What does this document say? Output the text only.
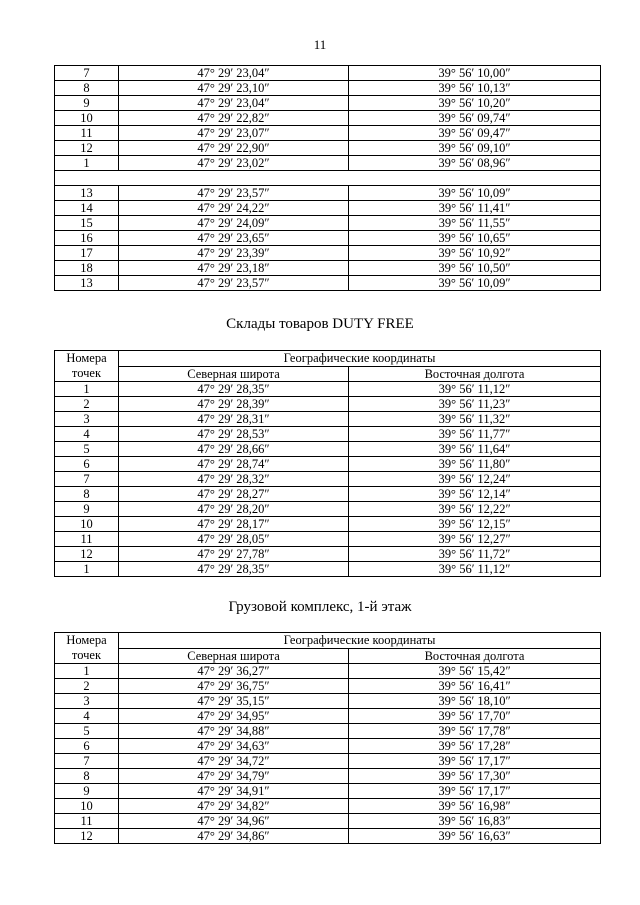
11
7	47° 29′ 23,04″	39° 56′ 10,00″
8	47° 29′ 23,10″	39° 56′ 10,13″
9	47° 29′ 23,04″	39° 56′ 10,20″
10	47° 29′ 22,82″	39° 56′ 09,74″
11	47° 29′ 23,07″	39° 56′ 09,47″
12	47° 29′ 22,90″	39° 56′ 09,10″
1	47° 29′ 23,02″	39° 56′ 08,96″

13	47° 29′ 23,57″	39° 56′ 10,09″
14	47° 29′ 24,22″	39° 56′ 11,41″
15	47° 29′ 24,09″	39° 56′ 11,55″
16	47° 29′ 23,65″	39° 56′ 10,65″
17	47° 29′ 23,39″	39° 56′ 10,92″
18	47° 29′ 23,18″	39° 56′ 10,50″
13	47° 29′ 23,57″	39° 56′ 10,09″
Склады товаров DUTY FREE
Номера точек	Географические координаты	
	Северная широта	Восточная долгота
1	47° 29′ 28,35″	39° 56′ 11,12″
2	47° 29′ 28,39″	39° 56′ 11,23″
3	47° 29′ 28,31″	39° 56′ 11,32″
4	47° 29′ 28,53″	39° 56′ 11,77″
5	47° 29′ 28,66″	39° 56′ 11,64″
6	47° 29′ 28,74″	39° 56′ 11,80″
7	47° 29′ 28,32″	39° 56′ 12,24″
8	47° 29′ 28,27″	39° 56′ 12,14″
9	47° 29′ 28,20″	39° 56′ 12,22″
10	47° 29′ 28,17″	39° 56′ 12,15″
11	47° 29′ 28,05″	39° 56′ 12,27″
12	47° 29′ 27,78″	39° 56′ 11,72″
1	47° 29′ 28,35″	39° 56′ 11,12″
Грузовой комплекс, 1-й этаж
Номера точек	Географические координаты	
	Северная широта	Восточная долгота
1	47° 29′ 36,27″	39° 56′ 15,42″
2	47° 29′ 36,75″	39° 56′ 16,41″
3	47° 29′ 35,15″	39° 56′ 18,10″
4	47° 29′ 34,95″	39° 56′ 17,70″
5	47° 29′ 34,88″	39° 56′ 17,78″
6	47° 29′ 34,63″	39° 56′ 17,28″
7	47° 29′ 34,72″	39° 56′ 17,17″
8	47° 29′ 34,79″	39° 56′ 17,30″
9	47° 29′ 34,91″	39° 56′ 17,17″
10	47° 29′ 34,82″	39° 56′ 16,98″
11	47° 29′ 34,96″	39° 56′ 16,83″
12	47° 29′ 34,86″	39° 56′ 16,63″
